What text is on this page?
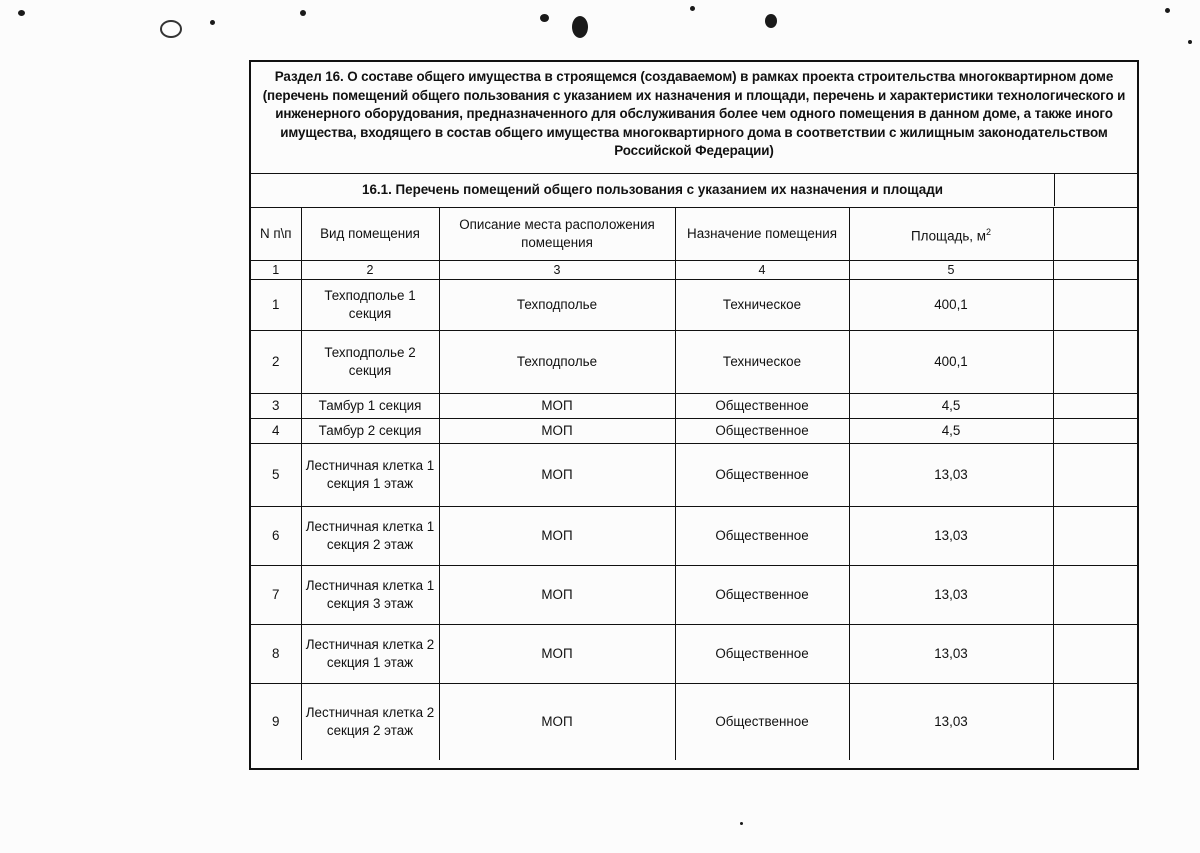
Раздел 16. О составе общего имущества в строящемся (создаваемом) в рамках проекта строительства многоквартирном доме (перечень помещений общего пользования с указанием их назначения и площади, перечень и характеристики технологического и инженерного оборудования, предназначенного для обслуживания более чем одного помещения в данном доме, а также иного имущества, входящего в состав общего имущества многоквартирного дома в соответствии с жилищным законодательством Российской Федерации)
16.1. Перечень помещений общего пользования с указанием их назначения и площади
N п\п	Вид помещения	Описание места расположения помещения	Назначение помещения	Площадь, $м^2$	
1	2	3	4	5	
1	Техподполье 1 секция	Техподполье	Техническое	400,1	
2	Техподполье 2 секция	Техподполье	Техническое	400,1	
3	Тамбур 1 секция	МОП	Общественное	4,5	
4	Тамбур 2 секция	МОП	Общественное	4,5	
5	Лестничная клетка 1 секция 1 этаж	МОП	Общественное	13,03	
6	Лестничная клетка 1 секция 2 этаж	МОП	Общественное	13,03	
7	Лестничная клетка 1 секция 3 этаж	МОП	Общественное	13,03	
8	Лестничная клетка 2 секция 1 этаж	МОП	Общественное	13,03	
9	Лестничная клетка 2 секция 2 этаж	МОП	Общественное	13,03	
